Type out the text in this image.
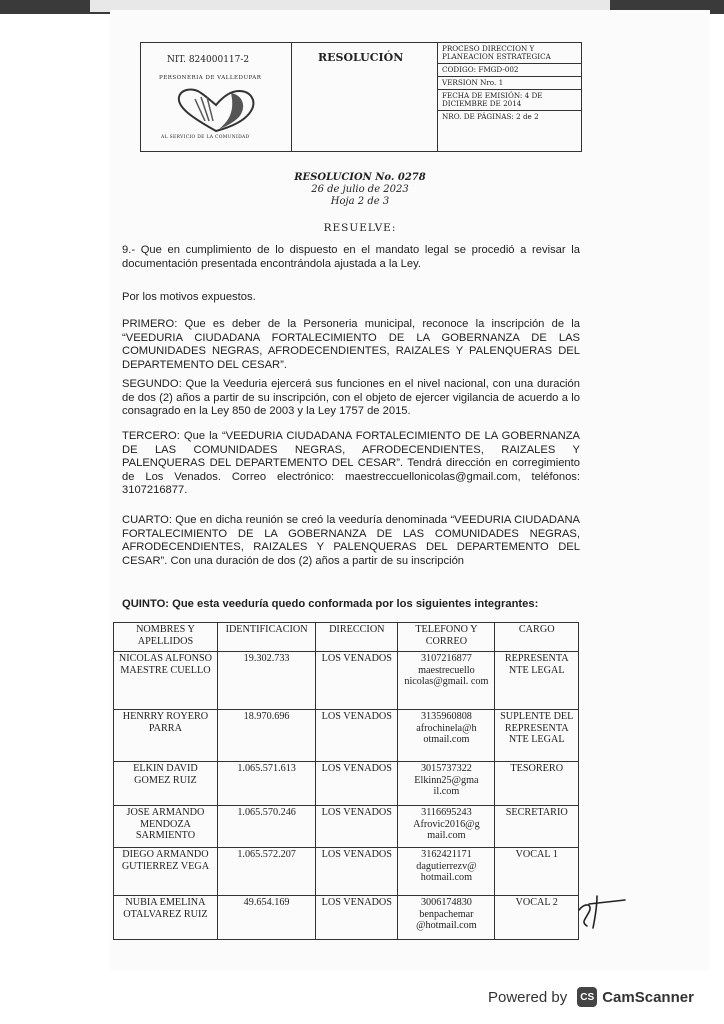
NIT. 824000117-2
PERSONERIA DE VALLEDUPAR
AL SERVICIO DE LA COMUNIDAD
RESOLUCIÓN
PROCESO DIRECCION Y PLANEACION ESTRATEGICA
CODIGO: FMGD-002
VERSION Nro. 1
FECHA DE EMISIÓN: 4 DE DICIEMBRE DE 2014
NRO. DE PÁGINAS: 2 de 2
RESOLUCION No. 0278
26 de julio de 2023
Hoja 2 de 3
RESUELVE:
9.- Que en cumplimiento de lo dispuesto en el mandato legal se procedió a revisar la documentación presentada encontrándola ajustada a la Ley.
Por los motivos expuestos.
PRIMERO: Que es deber de la Personeria municipal, reconoce la inscripción de la “VEEDURIA CIUDADANA FORTALECIMIENTO DE LA GOBERNANZA DE LAS COMUNIDADES NEGRAS, AFRODECENDIENTES, RAIZALES Y PALENQUERAS DEL DEPARTEMENTO DEL CESAR”.
SEGUNDO: Que la Veeduria ejercerá sus funciones en el nivel nacional, con una duración de dos (2) años a partir de su inscripción, con el objeto de ejercer vigilancia de acuerdo a lo consagrado en la Ley 850 de 2003 y la Ley 1757 de 2015.
TERCERO: Que la “VEEDURIA CIUDADANA FORTALECIMIENTO DE LA GOBERNANZA DE LAS COMUNIDADES NEGRAS, AFRODECENDIENTES, RAIZALES Y PALENQUERAS DEL DEPARTEMENTO DEL CESAR”. Tendrá dirección en corregimiento de Los Venados. Correo electrónico: maestreccuellonicolas@gmail.com, teléfonos: 3107216877.
CUARTO: Que en dicha reunión se creó la veeduría denominada “VEEDURIA CIUDADANA FORTALECIMIENTO DE LA GOBERNANZA DE LAS COMUNIDADES NEGRAS, AFRODECENDIENTES, RAIZALES Y PALENQUERAS DEL DEPARTEMENTO DEL CESAR”. Con una duración de dos (2) años a partir de su inscripción
QUINTO: Que esta veeduría quedo conformada por los siguientes integrantes:
NOMBRES Y APELLIDOS	IDENTIFICACION	DIRECCION	TELEFONO Y CORREO	CARGO
NICOLAS ALFONSO MAESTRE CUELLO	19.302.733	LOS VENADOS	3107216877 maestrecuello nicolas@gmail. com	REPRESENTA NTE LEGAL
HENRRY ROYERO PARRA	18.970.696	LOS VENADOS	3135960808 afrochinela@h otmail.com	SUPLENTE DEL REPRESENTA NTE LEGAL
ELKIN DAVID GOMEZ RUIZ	1.065.571.613	LOS VENADOS	3015737322 Elkinn25@gma il.com	TESORERO
JOSE ARMANDO MENDOZA SARMIENTO	1.065.570.246	LOS VENADOS	3116695243 Afrovic2016@g mail.com	SECRETARIO
DIEGO ARMANDO GUTIERREZ VEGA	1.065.572.207	LOS VENADOS	3162421171 dagutierrezv@ hotmail.com	VOCAL 1
NUBIA EMELINA OTALVAREZ RUIZ	49.654.169	LOS VENADOS	3006174830 benpachemar @hotmail.com	VOCAL 2
Powered by	CS CamScanner
